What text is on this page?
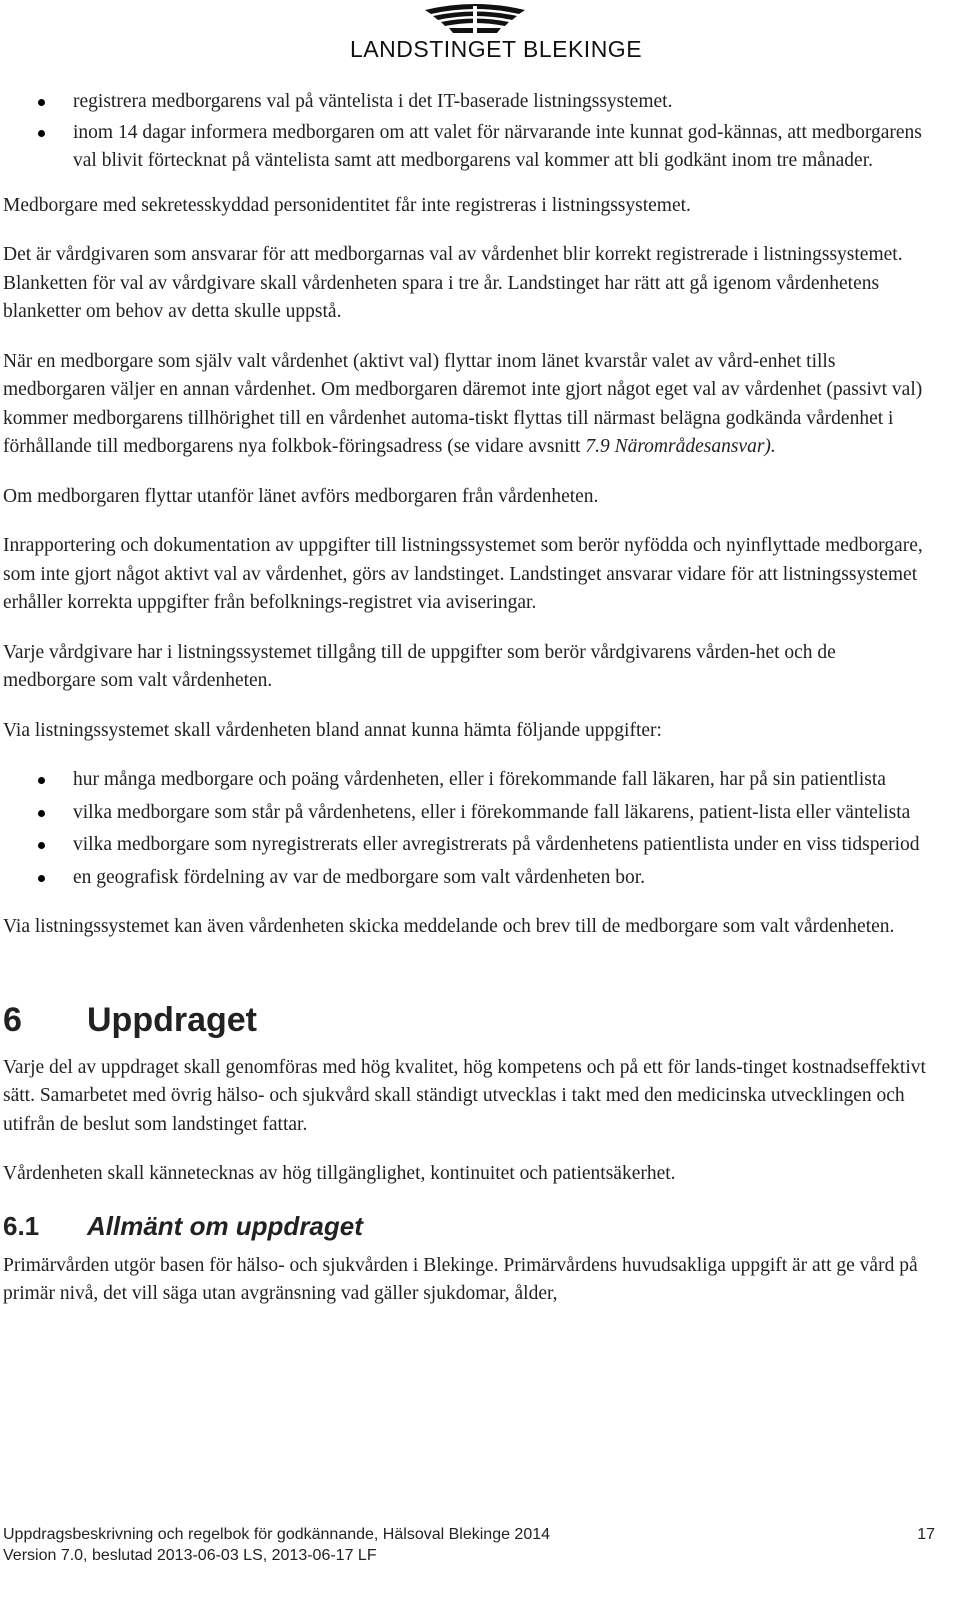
LANDSTINGET BLEKINGE
registrera medborgarens val på väntelista i det IT-baserade listningssystemet.
inom 14 dagar informera medborgaren om att valet för närvarande inte kunnat god-kännas, att medborgarens val blivit förtecknat på väntelista samt att medborgarens val kommer att bli godkänt inom tre månader.

Medborgare med sekretesskyddad personidentitet får inte registreras i listningssystemet.

Det är vårdgivaren som ansvarar för att medborgarnas val av vårdenhet blir korrekt registrerade i listningssystemet. Blanketten för val av vårdgivare skall vårdenheten spara i tre år. Landstinget har rätt att gå igenom vårdenhetens blanketter om behov av detta skulle uppstå.

När en medborgare som själv valt vårdenhet (aktivt val) flyttar inom länet kvarstår valet av vård-enhet tills medborgaren väljer en annan vårdenhet. Om medborgaren däremot inte gjort något eget val av vårdenhet (passivt val) kommer medborgarens tillhörighet till en vårdenhet automa-tiskt flyttas till närmast belägna godkända vårdenhet i förhållande till medborgarens nya folkbok-föringsadress (se vidare avsnitt 7.9 Närområdesansvar).

Om medborgaren flyttar utanför länet avförs medborgaren från vårdenheten.

Inrapportering och dokumentation av uppgifter till listningssystemet som berör nyfödda och nyinflyttade medborgare, som inte gjort något aktivt val av vårdenhet, görs av landstinget. Landstinget ansvarar vidare för att listningssystemet erhåller korrekta uppgifter från befolknings-registret via aviseringar.

Varje vårdgivare har i listningssystemet tillgång till de uppgifter som berör vårdgivarens vården-het och de medborgare som valt vårdenheten.

Via listningssystemet skall vårdenheten bland annat kunna hämta följande uppgifter:

hur många medborgare och poäng vårdenheten, eller i förekommande fall läkaren, har på sin patientlista
vilka medborgare som står på vårdenhetens, eller i förekommande fall läkarens, patient-lista eller väntelista
vilka medborgare som nyregistrerats eller avregistrerats på vårdenhetens patientlista under en viss tidsperiod
en geografisk fördelning av var de medborgare som valt vårdenheten bor.

Via listningssystemet kan även vårdenheten skicka meddelande och brev till de medborgare som valt vårdenheten.

6	Uppdraget

Varje del av uppdraget skall genomföras med hög kvalitet, hög kompetens och på ett för lands-tinget kostnadseffektivt sätt. Samarbetet med övrig hälso- och sjukvård skall ständigt utvecklas i takt med den medicinska utvecklingen och utifrån de beslut som landstinget fattar.

Vårdenheten skall kännetecknas av hög tillgänglighet, kontinuitet och patientsäkerhet.

6.1	Allmänt om uppdraget

Primärvården utgör basen för hälso- och sjukvården i Blekinge. Primärvårdens huvudsakliga uppgift är att ge vård på primär nivå, det vill säga utan avgränsning vad gäller sjukdomar, ålder,

Uppdragsbeskrivning och regelbok för godkännande, Hälsoval Blekinge 2014
Version 7.0, beslutad 2013-06-03 LS, 2013-06-17 LF
17
